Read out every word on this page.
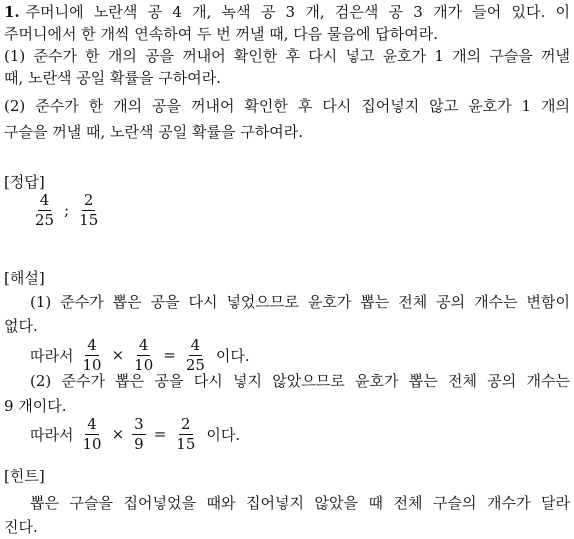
1. 주머니에 노란색 공 4 개, 녹색 공 3 개, 검은색 공 3 개가 들어 있다. 이
주머니에서 한 개씩 연속하여 두 번 꺼낼 때, 다음 물음에 답하여라.
(1) 준수가 한 개의 공을 꺼내어 확인한 후 다시 넣고 윤호가 1 개의 구슬을 꺼낼
때, 노란색 공일 확률을 구하여라.
(2) 준수가 한 개의 공을 꺼내어 확인한 후 다시 집어넣지 않고 윤호가 1 개의
구슬을 꺼낼 때, 노란색 공일 확률을 구하여라.
[정답]
$\frac{4}{25}$ ; $\frac{2}{15}$
[해설]
(1) 준수가 뽑은 공을 다시 넣었으므로 윤호가 뽑는 전체 공의 개수는 변함이
없다.
따라서 $\frac{4}{10} \times \frac{4}{10} = \frac{4}{25}$ 이다.
(2) 준수가 뽑은 공을 다시 넣지 않았으므로 윤호가 뽑는 전체 공의 개수는
9 개이다.
따라서 $\frac{4}{10} \times \frac{3}{9} = \frac{2}{15}$ 이다.
[힌트]
뽑은 구슬을 집어넣었을 때와 집어넣지 않았을 때 전체 구슬의 개수가 달라
진다.
